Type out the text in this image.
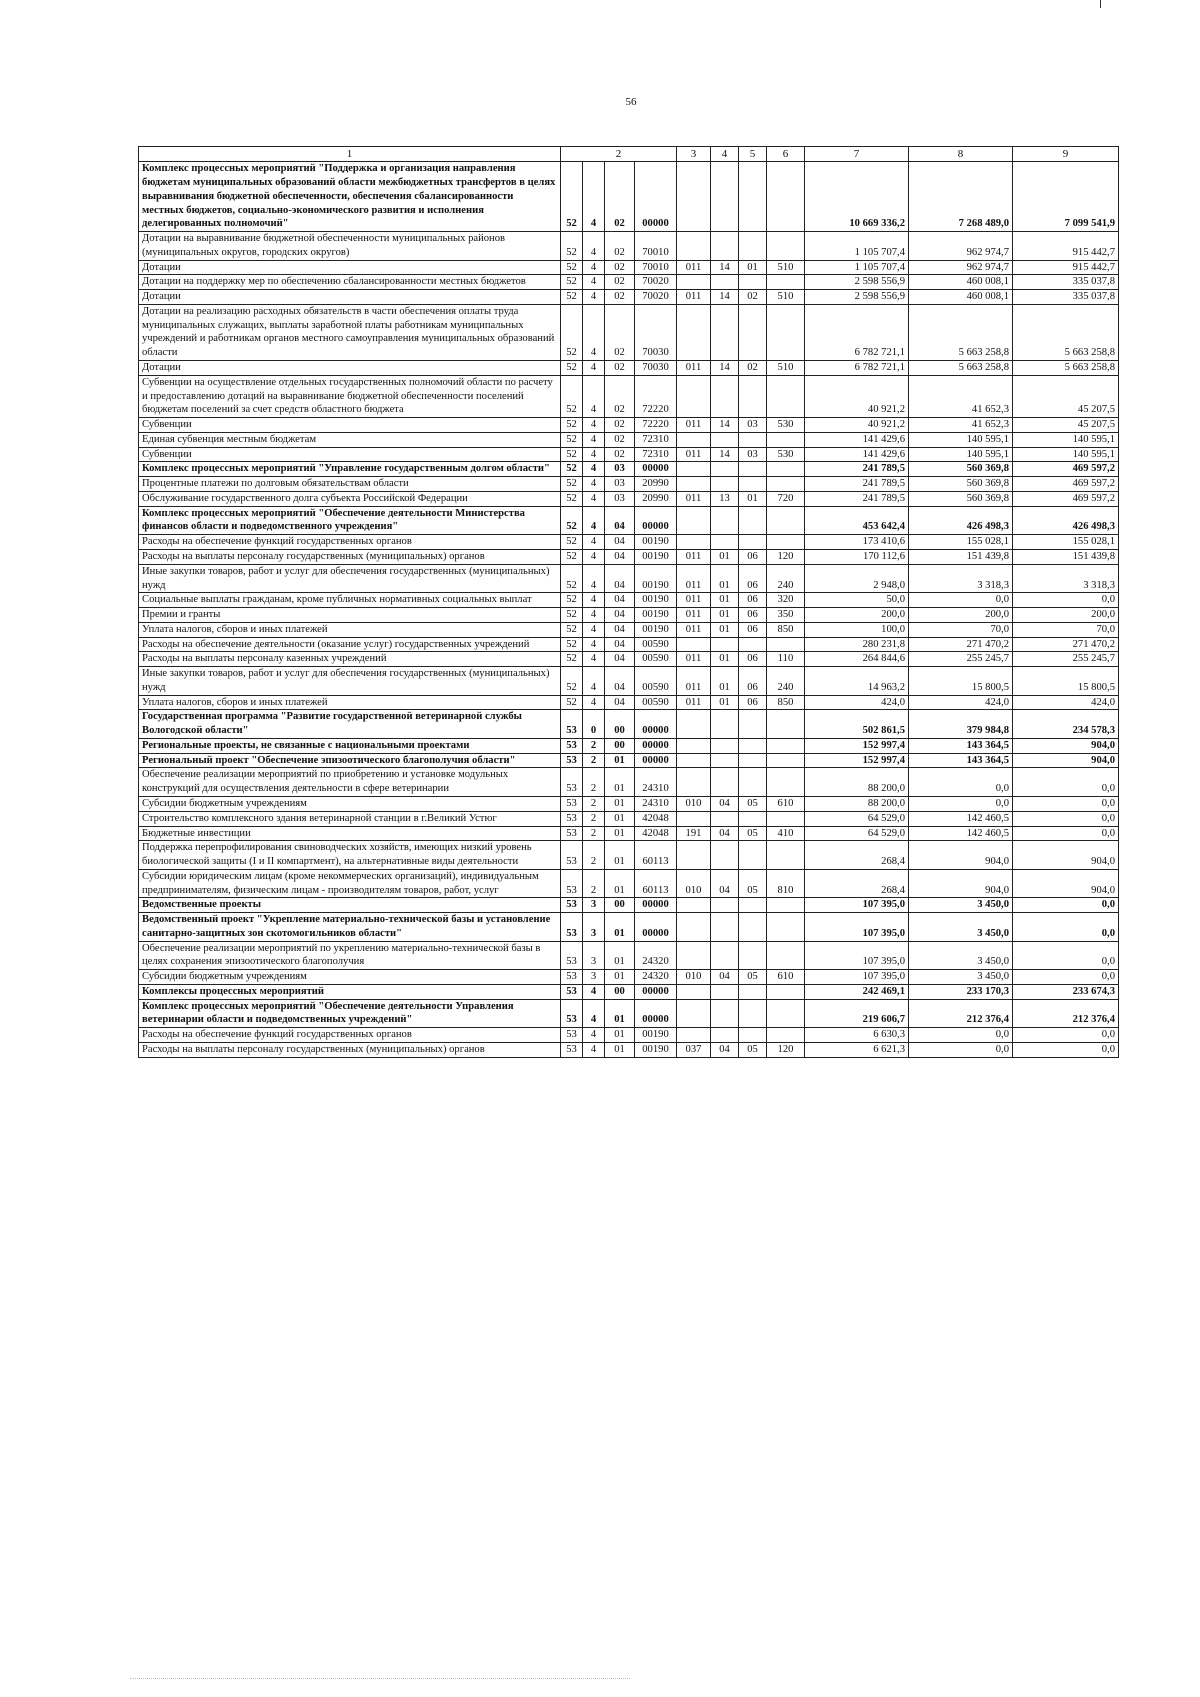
56
1	2				3	4	5	6	7	8	9
Комплекс процессных мероприятий "Поддержка и организация направления бюджетам муниципальных образований области межбюджетных трансфертов в целях выравнивания бюджетной обеспеченности, обеспечения сбалансированности местных бюджетов, социально-экономического развития и исполнения делегированных полномочий"	52	4	02	00000					10 669 336,2	7 268 489,0	7 099 541,9
Дотации на выравнивание бюджетной обеспеченности муниципальных районов (муниципальных округов, городских округов)	52	4	02	70010					1 105 707,4	962 974,7	915 442,7
Дотации	52	4	02	70010	011	14	01	510	1 105 707,4	962 974,7	915 442,7
Дотации на поддержку мер по обеспечению сбалансированности местных бюджетов	52	4	02	70020					2 598 556,9	460 008,1	335 037,8
Дотации	52	4	02	70020	011	14	02	510	2 598 556,9	460 008,1	335 037,8
Дотации на реализацию расходных обязательств в части обеспечения оплаты труда муниципальных служащих, выплаты заработной платы работникам муниципальных учреждений и работникам органов местного самоуправления муниципальных образований области	52	4	02	70030					6 782 721,1	5 663 258,8	5 663 258,8
Дотации	52	4	02	70030	011	14	02	510	6 782 721,1	5 663 258,8	5 663 258,8
Субвенции на осуществление отдельных государственных полномочий области по расчету и предоставлению дотаций на выравнивание бюджетной обеспеченности поселений бюджетам поселений за счет средств областного бюджета	52	4	02	72220					40 921,2	41 652,3	45 207,5
Субвенции	52	4	02	72220	011	14	03	530	40 921,2	41 652,3	45 207,5
Единая субвенция местным бюджетам	52	4	02	72310					141 429,6	140 595,1	140 595,1
Субвенции	52	4	02	72310	011	14	03	530	141 429,6	140 595,1	140 595,1
Комплекс процессных мероприятий "Управление государственным долгом области"	52	4	03	00000					241 789,5	560 369,8	469 597,2
Процентные платежи по долговым обязательствам области	52	4	03	20990					241 789,5	560 369,8	469 597,2
Обслуживание государственного долга субъекта Российской Федерации	52	4	03	20990	011	13	01	720	241 789,5	560 369,8	469 597,2
Комплекс процессных мероприятий "Обеспечение деятельности Министерства финансов области и подведомственного учреждения"	52	4	04	00000					453 642,4	426 498,3	426 498,3
Расходы на обеспечение функций государственных органов	52	4	04	00190					173 410,6	155 028,1	155 028,1
Расходы на выплаты персоналу государственных (муниципальных) органов	52	4	04	00190	011	01	06	120	170 112,6	151 439,8	151 439,8
Иные закупки товаров, работ и услуг для обеспечения государственных (муниципальных) нужд	52	4	04	00190	011	01	06	240	2 948,0	3 318,3	3 318,3
Социальные выплаты гражданам, кроме публичных нормативных социальных выплат	52	4	04	00190	011	01	06	320	50,0	0,0	0,0
Премии и гранты	52	4	04	00190	011	01	06	350	200,0	200,0	200,0
Уплата налогов, сборов и иных платежей	52	4	04	00190	011	01	06	850	100,0	70,0	70,0
Расходы на обеспечение деятельности (оказание услуг) государственных учреждений	52	4	04	00590					280 231,8	271 470,2	271 470,2
Расходы на выплаты персоналу казенных учреждений	52	4	04	00590	011	01	06	110	264 844,6	255 245,7	255 245,7
Иные закупки товаров, работ и услуг для обеспечения государственных (муниципальных) нужд	52	4	04	00590	011	01	06	240	14 963,2	15 800,5	15 800,5
Уплата налогов, сборов и иных платежей	52	4	04	00590	011	01	06	850	424,0	424,0	424,0
Государственная программа "Развитие государственной ветеринарной службы Вологодской области"	53	0	00	00000					502 861,5	379 984,8	234 578,3
Региональные проекты, не связанные с национальными проектами	53	2	00	00000					152 997,4	143 364,5	904,0
Региональный проект "Обеспечение эпизоотического благополучия области"	53	2	01	00000					152 997,4	143 364,5	904,0
Обеспечение реализации мероприятий по приобретению и установке модульных конструкций для осуществления деятельности в сфере ветеринарии	53	2	01	24310					88 200,0	0,0	0,0
Субсидии бюджетным учреждениям	53	2	01	24310	010	04	05	610	88 200,0	0,0	0,0
Строительство комплексного здания ветеринарной станции в г.Великий Устюг	53	2	01	42048					64 529,0	142 460,5	0,0
Бюджетные инвестиции	53	2	01	42048	191	04	05	410	64 529,0	142 460,5	0,0
Поддержка перепрофилирования свиноводческих хозяйств, имеющих низкий уровень биологической защиты (I и II компартмент), на альтернативные виды деятельности	53	2	01	60113					268,4	904,0	904,0
Субсидии юридическим лицам (кроме некоммерческих организаций), индивидуальным предпринимателям, физическим лицам - производителям товаров, работ, услуг	53	2	01	60113	010	04	05	810	268,4	904,0	904,0
Ведомственные проекты	53	3	00	00000					107 395,0	3 450,0	0,0
Ведомственный проект "Укрепление материально-технической базы и установление санитарно-защитных зон скотомогильников области"	53	3	01	00000					107 395,0	3 450,0	0,0
Обеспечение реализации мероприятий по укреплению материально-технической базы в целях сохранения эпизоотического благополучия	53	3	01	24320					107 395,0	3 450,0	0,0
Субсидии бюджетным учреждениям	53	3	01	24320	010	04	05	610	107 395,0	3 450,0	0,0
Комплексы процессных мероприятий	53	4	00	00000					242 469,1	233 170,3	233 674,3
Комплекс процессных мероприятий "Обеспечение деятельности Управления ветеринарии области и подведомственных учреждений"	53	4	01	00000					219 606,7	212 376,4	212 376,4
Расходы на обеспечение функций государственных органов	53	4	01	00190					6 630,3	0,0	0,0
Расходы на выплаты персоналу государственных (муниципальных) органов	53	4	01	00190	037	04	05	120	6 621,3	0,0	0,0
